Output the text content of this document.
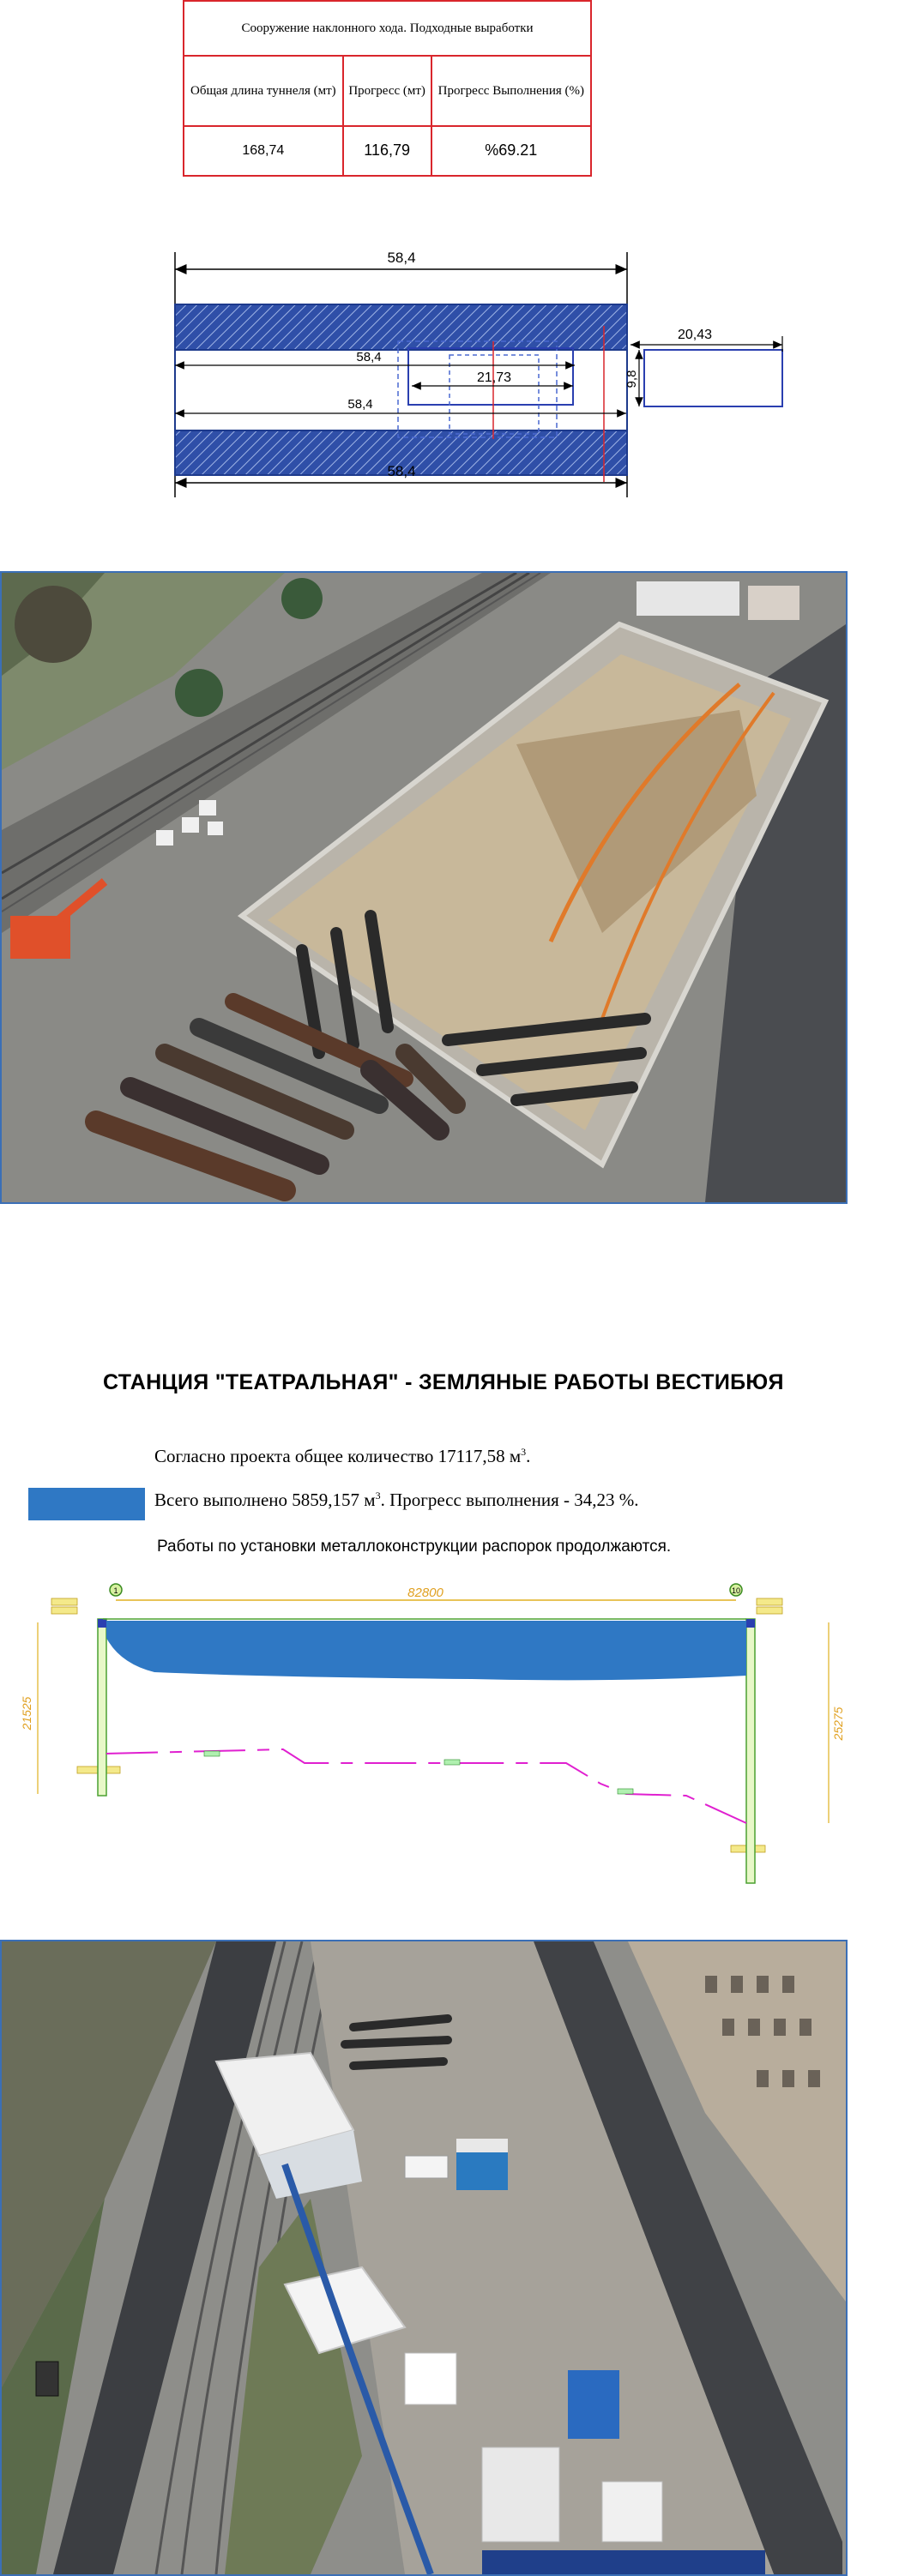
Сооружение наклонного хода. Подходные выработки		
Общая длина туннеля (мт)	Прогресс (мт)	Прогресс Выполнения (%)
168,74	116,79	%69.21
58,4
58,4
21,73
58,4
58,4
9,8
20,43
СТАНЦИЯ "ТЕАТРАЛЬНАЯ" - ЗЕМЛЯНЫЕ РАБОТЫ ВЕСТИБЮЯ
Согласно проекта общее количество 17117,58 $м^3$.
Всего выполнено 5859,157 $м^3$. Прогресс выполнения - 34,23 %.
Работы по установки металлоконструкции распорок продолжаются.
1	10
82800
21525	25275
